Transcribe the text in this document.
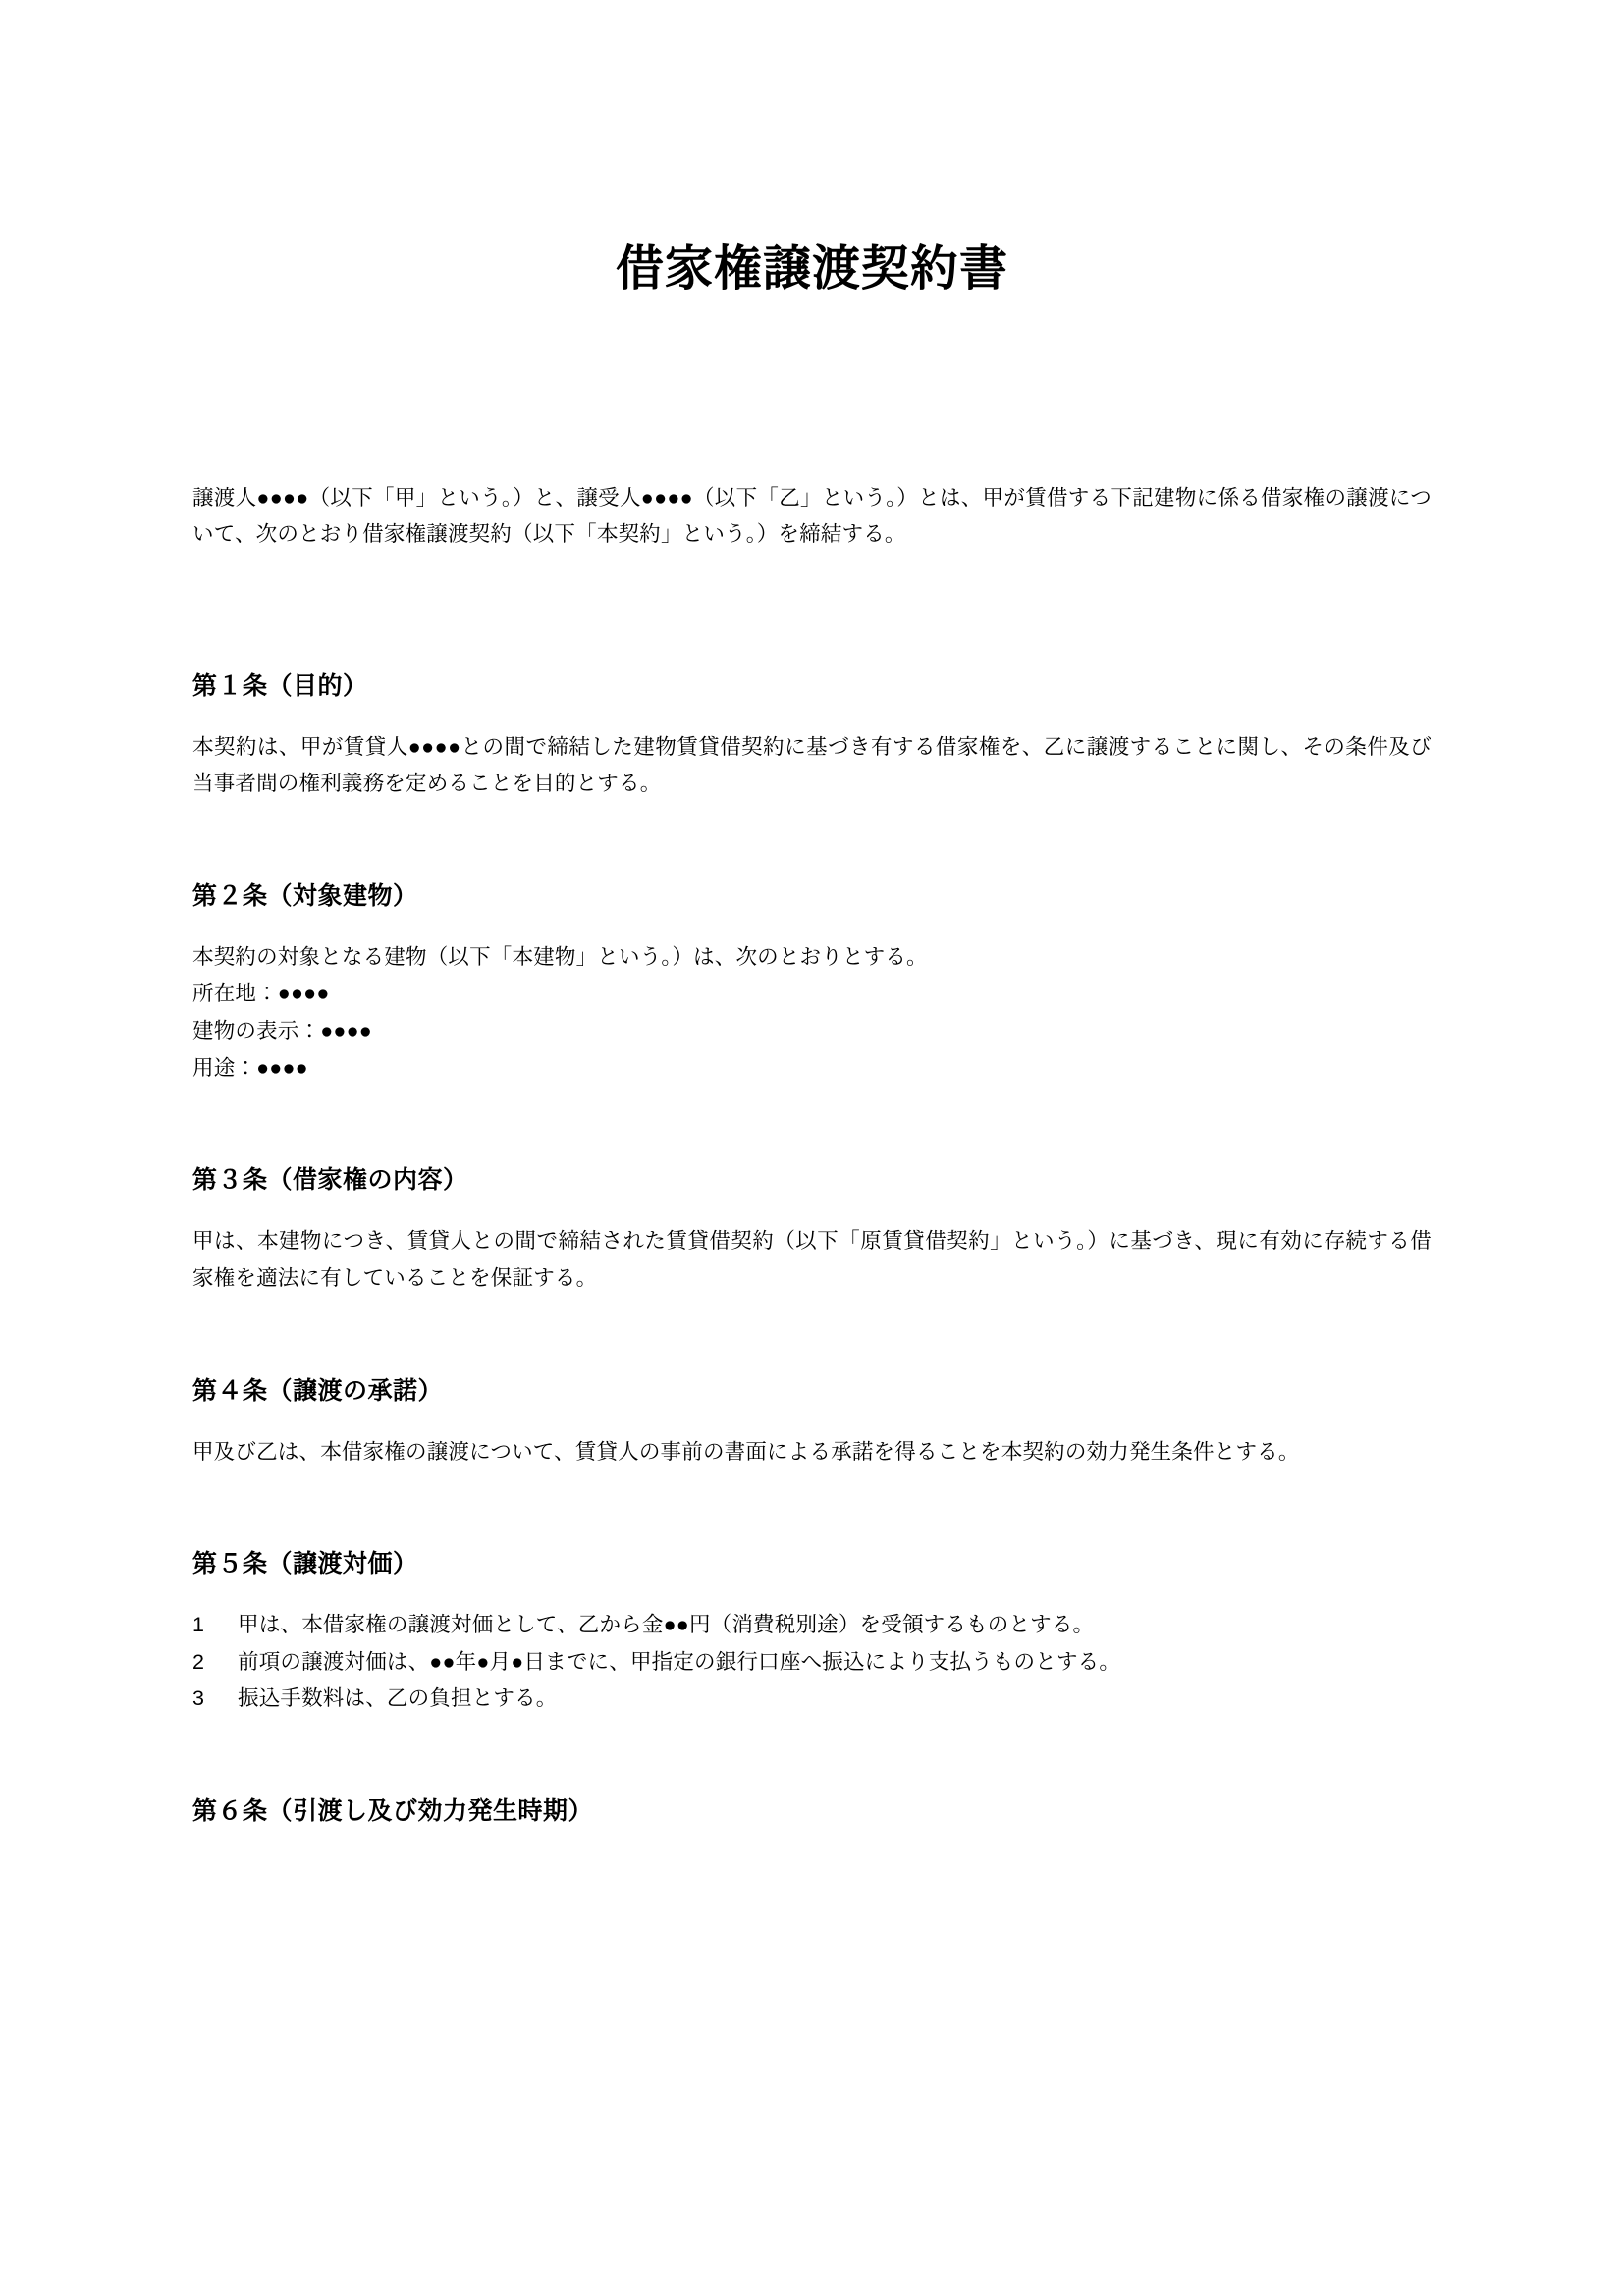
借家権譲渡契約書

譲渡人●●●●（以下「甲」という。）と、譲受人●●●●（以下「乙」という。）とは、甲が賃借する下記建物に係る借家権の譲渡について、次のとおり借家権譲渡契約（以下「本契約」という。）を締結する。

第１条（目的）
本契約は、甲が賃貸人●●●●との間で締結した建物賃貸借契約に基づき有する借家権を、乙に譲渡することに関し、その条件及び当事者間の権利義務を定めることを目的とする。
第２条（対象建物）
本契約の対象となる建物（以下「本建物」という。）は、次のとおりとする。
所在地：●●●●
建物の表示：●●●●
用途：●●●●
第３条（借家権の内容）
甲は、本建物につき、賃貸人との間で締結された賃貸借契約（以下「原賃貸借契約」という。）に基づき、現に有効に存続する借家権を適法に有していることを保証する。
第４条（譲渡の承諾）
甲及び乙は、本借家権の譲渡について、賃貸人の事前の書面による承諾を得ることを本契約の効力発生条件とする。
第５条（譲渡対価）
1	甲は、本借家権の譲渡対価として、乙から金●●円（消費税別途）を受領するものとする。
2	前項の譲渡対価は、●●年●月●日までに、甲指定の銀行口座へ振込により支払うものとする。
3	振込手数料は、乙の負担とする。
第６条（引渡し及び効力発生時期）
